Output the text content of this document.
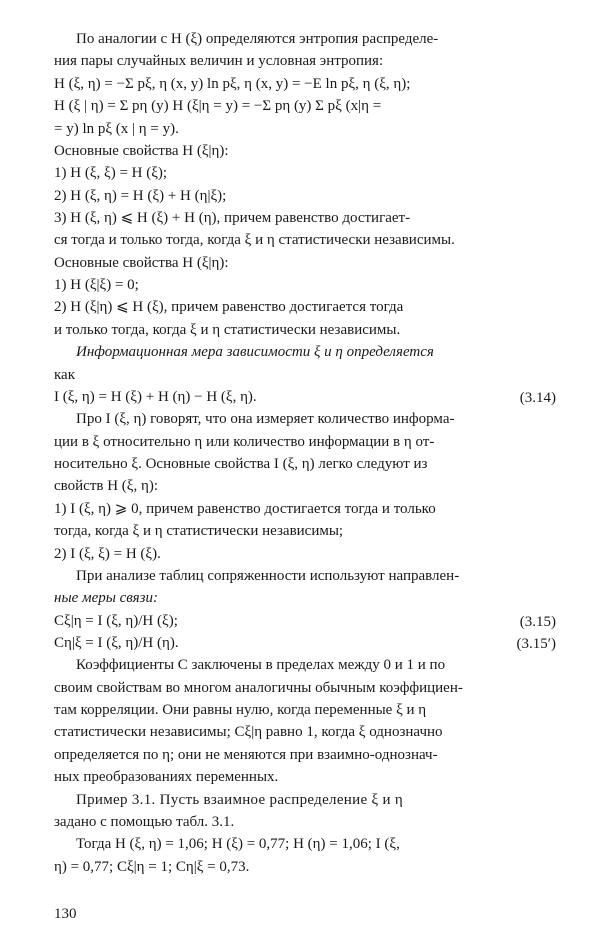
По аналогии с H (ξ) определяются энтропия распределе-
ния пары случайных величин и условная энтропия:
H (ξ, η) = −Σ pξ, η (x, y) ln pξ, η (x, y) = −E ln pξ, η (ξ, η);
H (ξ | η) = Σ pη (y) H (ξ|η = y) = −Σ pη (y) Σ pξ (x|η =
= y) ln pξ (x | η = y).
Основные свойства H (ξ|η):
1) H (ξ, ξ) = H (ξ);
2) H (ξ, η) = H (ξ) + H (η|ξ);
3) H (ξ, η) ⩽ H (ξ) + H (η), причем равенство достигает-
ся тогда и только тогда, когда ξ и η статистически независимы.
Основные свойства H (ξ|η):
1) H (ξ|ξ) = 0;
2) H (ξ|η) ⩽ H (ξ), причем равенство достигается тогда
и только тогда, когда ξ и η статистически независимы.
Информационная мера зависимости ξ и η определяется
как
I (ξ, η) = H (ξ) + H (η) − H (ξ, η).	(3.14)
Про I (ξ, η) говорят, что она измеряет количество информа-
ции в ξ относительно η или количество информации в η от-
носительно ξ. Основные свойства I (ξ, η) легко следуют из
свойств H (ξ, η):
1) I (ξ, η) ⩾ 0, причем равенство достигается тогда и только
тогда, когда ξ и η статистически независимы;
2) I (ξ, ξ) = H (ξ).
При анализе таблиц сопряженности используют направлен-
ные меры связи:
Cξ|η = I (ξ, η)/H (ξ);	(3.15)
Cη|ξ = I (ξ, η)/H (η).	(3.15′)
Коэффициенты C заключены в пределах между 0 и 1 и по
своим свойствам во многом аналогичны обычным коэффициен-
там корреляции. Они равны нулю, когда переменные ξ и η
статистически независимы; Cξ|η равно 1, когда ξ однозначно
определяется по η; они не меняются при взаимно-однознач-
ных преобразованиях переменных.
Пример 3.1. Пусть взаимное распределение ξ и η
задано с помощью табл. 3.1.
Тогда H (ξ, η) = 1,06; H (ξ) = 0,77; H (η) = 1,06; I (ξ,
η) = 0,77; Cξ|η = 1; Cη|ξ = 0,73.
130
